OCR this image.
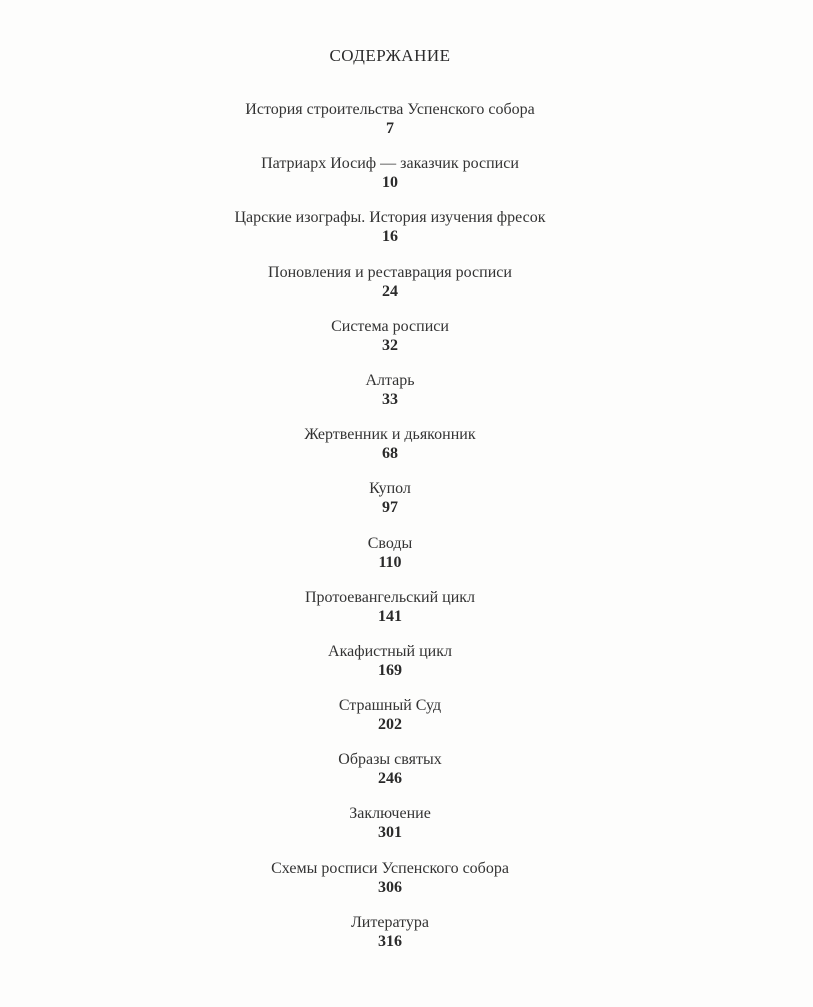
СОДЕРЖАНИЕ
История строительства Успенского собора
7
Патриарх Иосиф — заказчик росписи
10
Царские изографы. История изучения фресок
16
Поновления и реставрация росписи
24
Система росписи
32
Алтарь
33
Жертвенник и дьяконник
68
Купол
97
Своды
110
Протоевангельский цикл
141
Акафистный цикл
169
Страшный Суд
202
Образы святых
246
Заключение
301
Схемы росписи Успенского собора
306
Литература
316
